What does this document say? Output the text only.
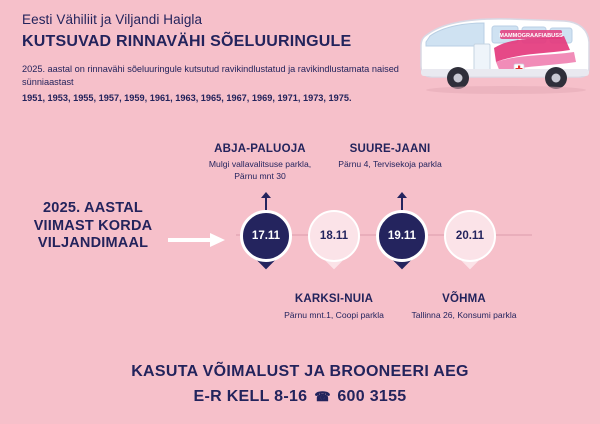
Eesti Vähiliit ja Viljandi Haigla
KUTSUVAD RINNAVÄHI SÕELUURINGULE
2025. aastal on rinnavähi sõeluuringule kutsutud ravikindlustatud ja ravikindlustamata naised sünniaastast
1951, 1953, 1955, 1957, 1959, 1961, 1963, 1965, 1967, 1969, 1971, 1973, 1975.
MAMMOGRAAFIABUSS
2025. AASTAL
VIIMAST KORDA
VILJANDIMAAL
ABJA-PALUOJA
Mulgi vallavalitsuse parkla, Pärnu mnt 30
SUURE-JAANI
Pärnu 4, Tervisekoja parkla
17.11	18.11	19.11	20.11
KARKSI-NUIA
Pärnu mnt.1, Coopi parkla
VÕHMA
Tallinna 26, Konsumi parkla
KASUTA VÕIMALUST JA BROONEERI AEG
E-R KELL 8-16 ☎ 600 3155
